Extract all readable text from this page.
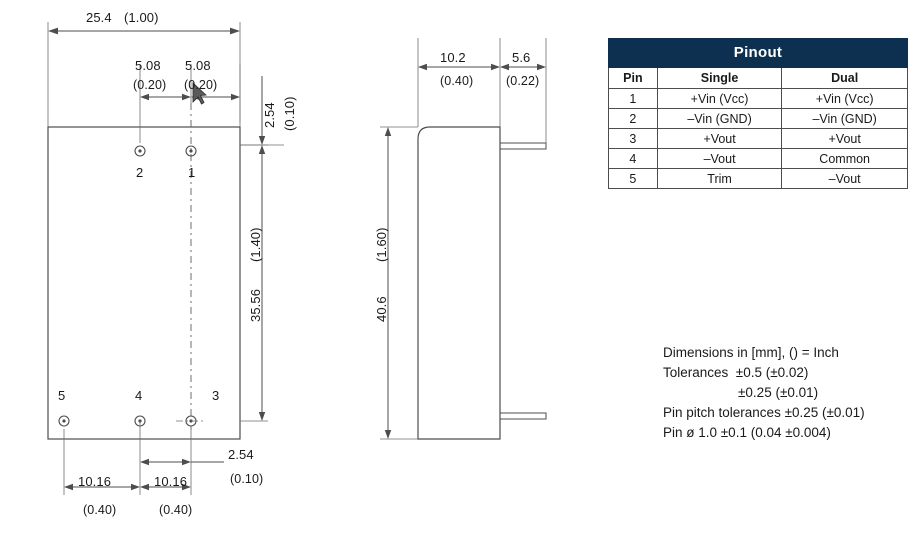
25.4 (1.00)
5.08 5.08
(0.20) (0.20)
2.54 (0.10)
35.56
(1.40)
2	1
5	4	3
2.54
(0.10)
10.16	10.16
(0.40)	(0.40)
10.2
(0.40)
5.6
(0.22)
40.6
(1.60)
Pinout		
Pin	Single	Dual
1	+Vin (Vcc)	+Vin (Vcc)
2	–Vin (GND)	–Vin (GND)
3	+Vout	+Vout
4	–Vout	Common
5	Trim	–Vout
Dimensions in [mm], () = Inch
Tolerances  ±0.5 (±0.02)
±0.25 (±0.01)
Pin pitch tolerances ±0.25 (±0.01)
Pin ø 1.0 ±0.1 (0.04 ±0.004)
